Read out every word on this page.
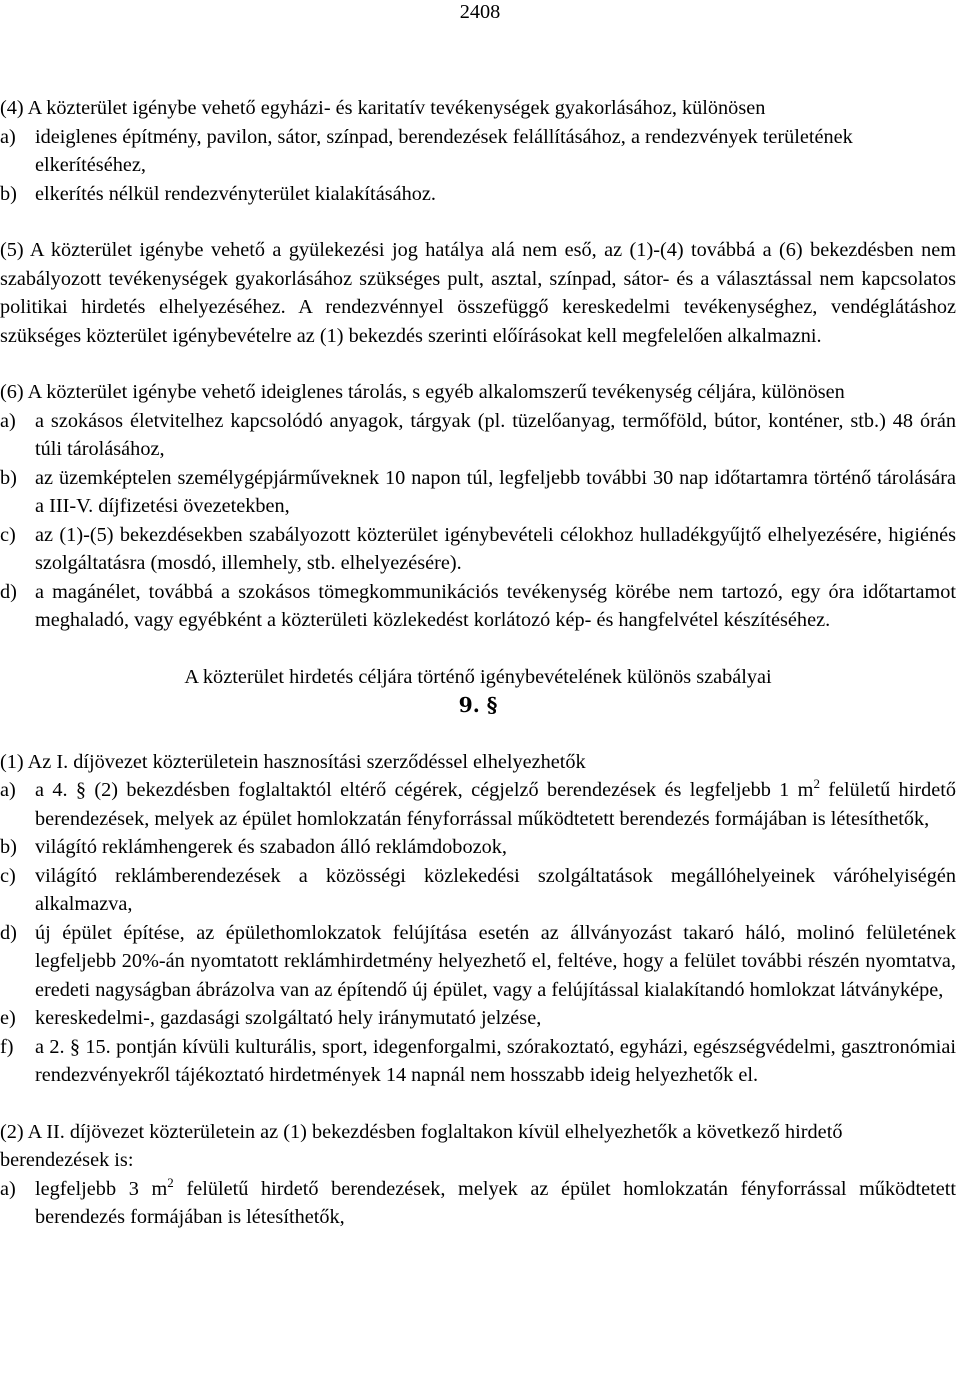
2408

(4) A közterület igénybe vehető egyházi- és karitatív tevékenységek gyakorlásához, különösen

a) ideiglenes építmény, pavilon, sátor, színpad, berendezések felállításához, a rendezvények területének elkerítéséhez,
b) elkerítés nélkül rendezvényterület kialakításához.

(5) A közterület igénybe vehető a gyülekezési jog hatálya alá nem eső, az (1)-(4) továbbá a (6) bekezdésben nem szabályozott tevékenységek gyakorlásához szükséges pult, asztal, színpad, sátor- és a választással nem kapcsolatos politikai hirdetés elhelyezéséhez. A rendezvénnyel összefüggő kereskedelmi tevékenységhez, vendéglátáshoz szükséges közterület igénybevételre az (1) bekezdés szerinti előírásokat kell megfelelően alkalmazni.

(6) A közterület igénybe vehető ideiglenes tárolás, s egyéb alkalomszerű tevékenység céljára, különösen

a) a szokásos életvitelhez kapcsolódó anyagok, tárgyak (pl. tüzelőanyag, termőföld, bútor, konténer, stb.) 48 órán túli tárolásához,
b) az üzemképtelen személygépjárműveknek 10 napon túl, legfeljebb további 30 nap időtartamra történő tárolására a III-V. díjfizetési övezetekben,
c) az (1)-(5) bekezdésekben szabályozott közterület igénybevételi célokhoz hulladékgyűjtő elhelyezésére, higiénés szolgáltatásra (mosdó, illemhely, stb. elhelyezésére).
d) a magánélet, továbbá a szokásos tömegkommunikációs tevékenység körébe nem tartozó, egy óra időtartamot meghaladó, vagy egyébként a közterületi közlekedést korlátozó kép- és hangfelvétel készítéséhez.

A közterület hirdetés céljára történő igénybevételének különös szabályai

9. §

(1) Az I. díjövezet közterületein hasznosítási szerződéssel elhelyezhetők

a) a 4. § (2) bekezdésben foglaltaktól eltérő cégérek, cégjelző berendezések és legfeljebb 1 $m^2$ felületű hirdető berendezések, melyek az épület homlokzatán fényforrással működtetett berendezés formájában is létesíthetők,
b) világító reklámhengerek és szabadon álló reklámdobozok,
c) világító reklámberendezések a közösségi közlekedési szolgáltatások megállóhelyeinek váróhelyiségén alkalmazva,
d) új épület építése, az épülethomlokzatok felújítása esetén az állványozást takaró háló, molinó felületének legfeljebb 20%-án nyomtatott reklámhirdetmény helyezhető el, feltéve, hogy a felület további részén nyomtatva, eredeti nagyságban ábrázolva van az építendő új épület, vagy a felújítással kialakítandó homlokzat látványképe,
e) kereskedelmi-, gazdasági szolgáltató hely iránymutató jelzése,
f)	a 2. § 15. pontján kívüli kulturális, sport, idegenforgalmi, szórakoztató, egyházi, egészségvédelmi, gasztronómiai rendezvényekről tájékoztató hirdetmények 14 napnál nem hosszabb ideig helyezhetők el.

(2) A II. díjövezet közterületein az (1) bekezdésben foglaltakon kívül elhelyezhetők a következő hirdető berendezések is:

a) legfeljebb 3 $m^2$ felületű hirdető berendezések, melyek az épület homlokzatán fényforrással működtetett berendezés formájában is létesíthetők,
